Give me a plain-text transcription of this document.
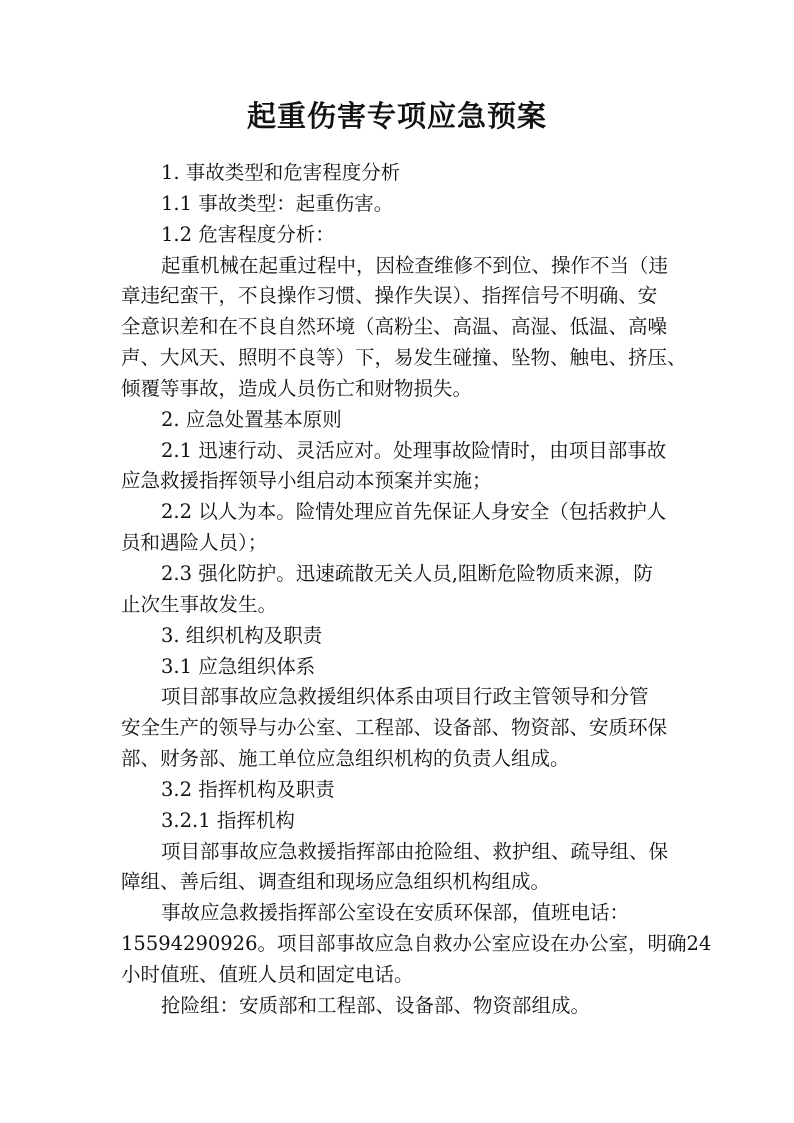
起重伤害专项应急预案

1. 事故类型和危害程度分析

1.1 事故类型：起重伤害。

1.2 危害程度分析：

起重机械在起重过程中，因检查维修不到位、操作不当（违

章违纪蛮干，不良操作习惯、操作失误）、指挥信号不明确、安

全意识差和在不良自然环境（高粉尘、高温、高湿、低温、高噪

声、大风天、照明不良等）下，易发生碰撞、坠物、触电、挤压、

倾覆等事故，造成人员伤亡和财物损失。

2. 应急处置基本原则

2.1 迅速行动、灵活应对。处理事故险情时，由项目部事故

应急救援指挥领导小组启动本预案并实施；

2.2 以人为本。险情处理应首先保证人身安全（包括救护人

员和遇险人员）；

2.3 强化防护。迅速疏散无关人员,阻断危险物质来源，防

止次生事故发生。

3. 组织机构及职责

3.1 应急组织体系

项目部事故应急救援组织体系由项目行政主管领导和分管

安全生产的领导与办公室、工程部、设备部、物资部、安质环保

部、财务部、施工单位应急组织机构的负责人组成。

3.2 指挥机构及职责

3.2.1 指挥机构

项目部事故应急救援指挥部由抢险组、救护组、疏导组、保

障组、善后组、调查组和现场应急组织机构组成。

事故应急救援指挥部公室设在安质环保部，值班电话：

15594290926。项目部事故应急自救办公室应设在办公室，明确24

小时值班、值班人员和固定电话。

抢险组：安质部和工程部、设备部、物资部组成。
